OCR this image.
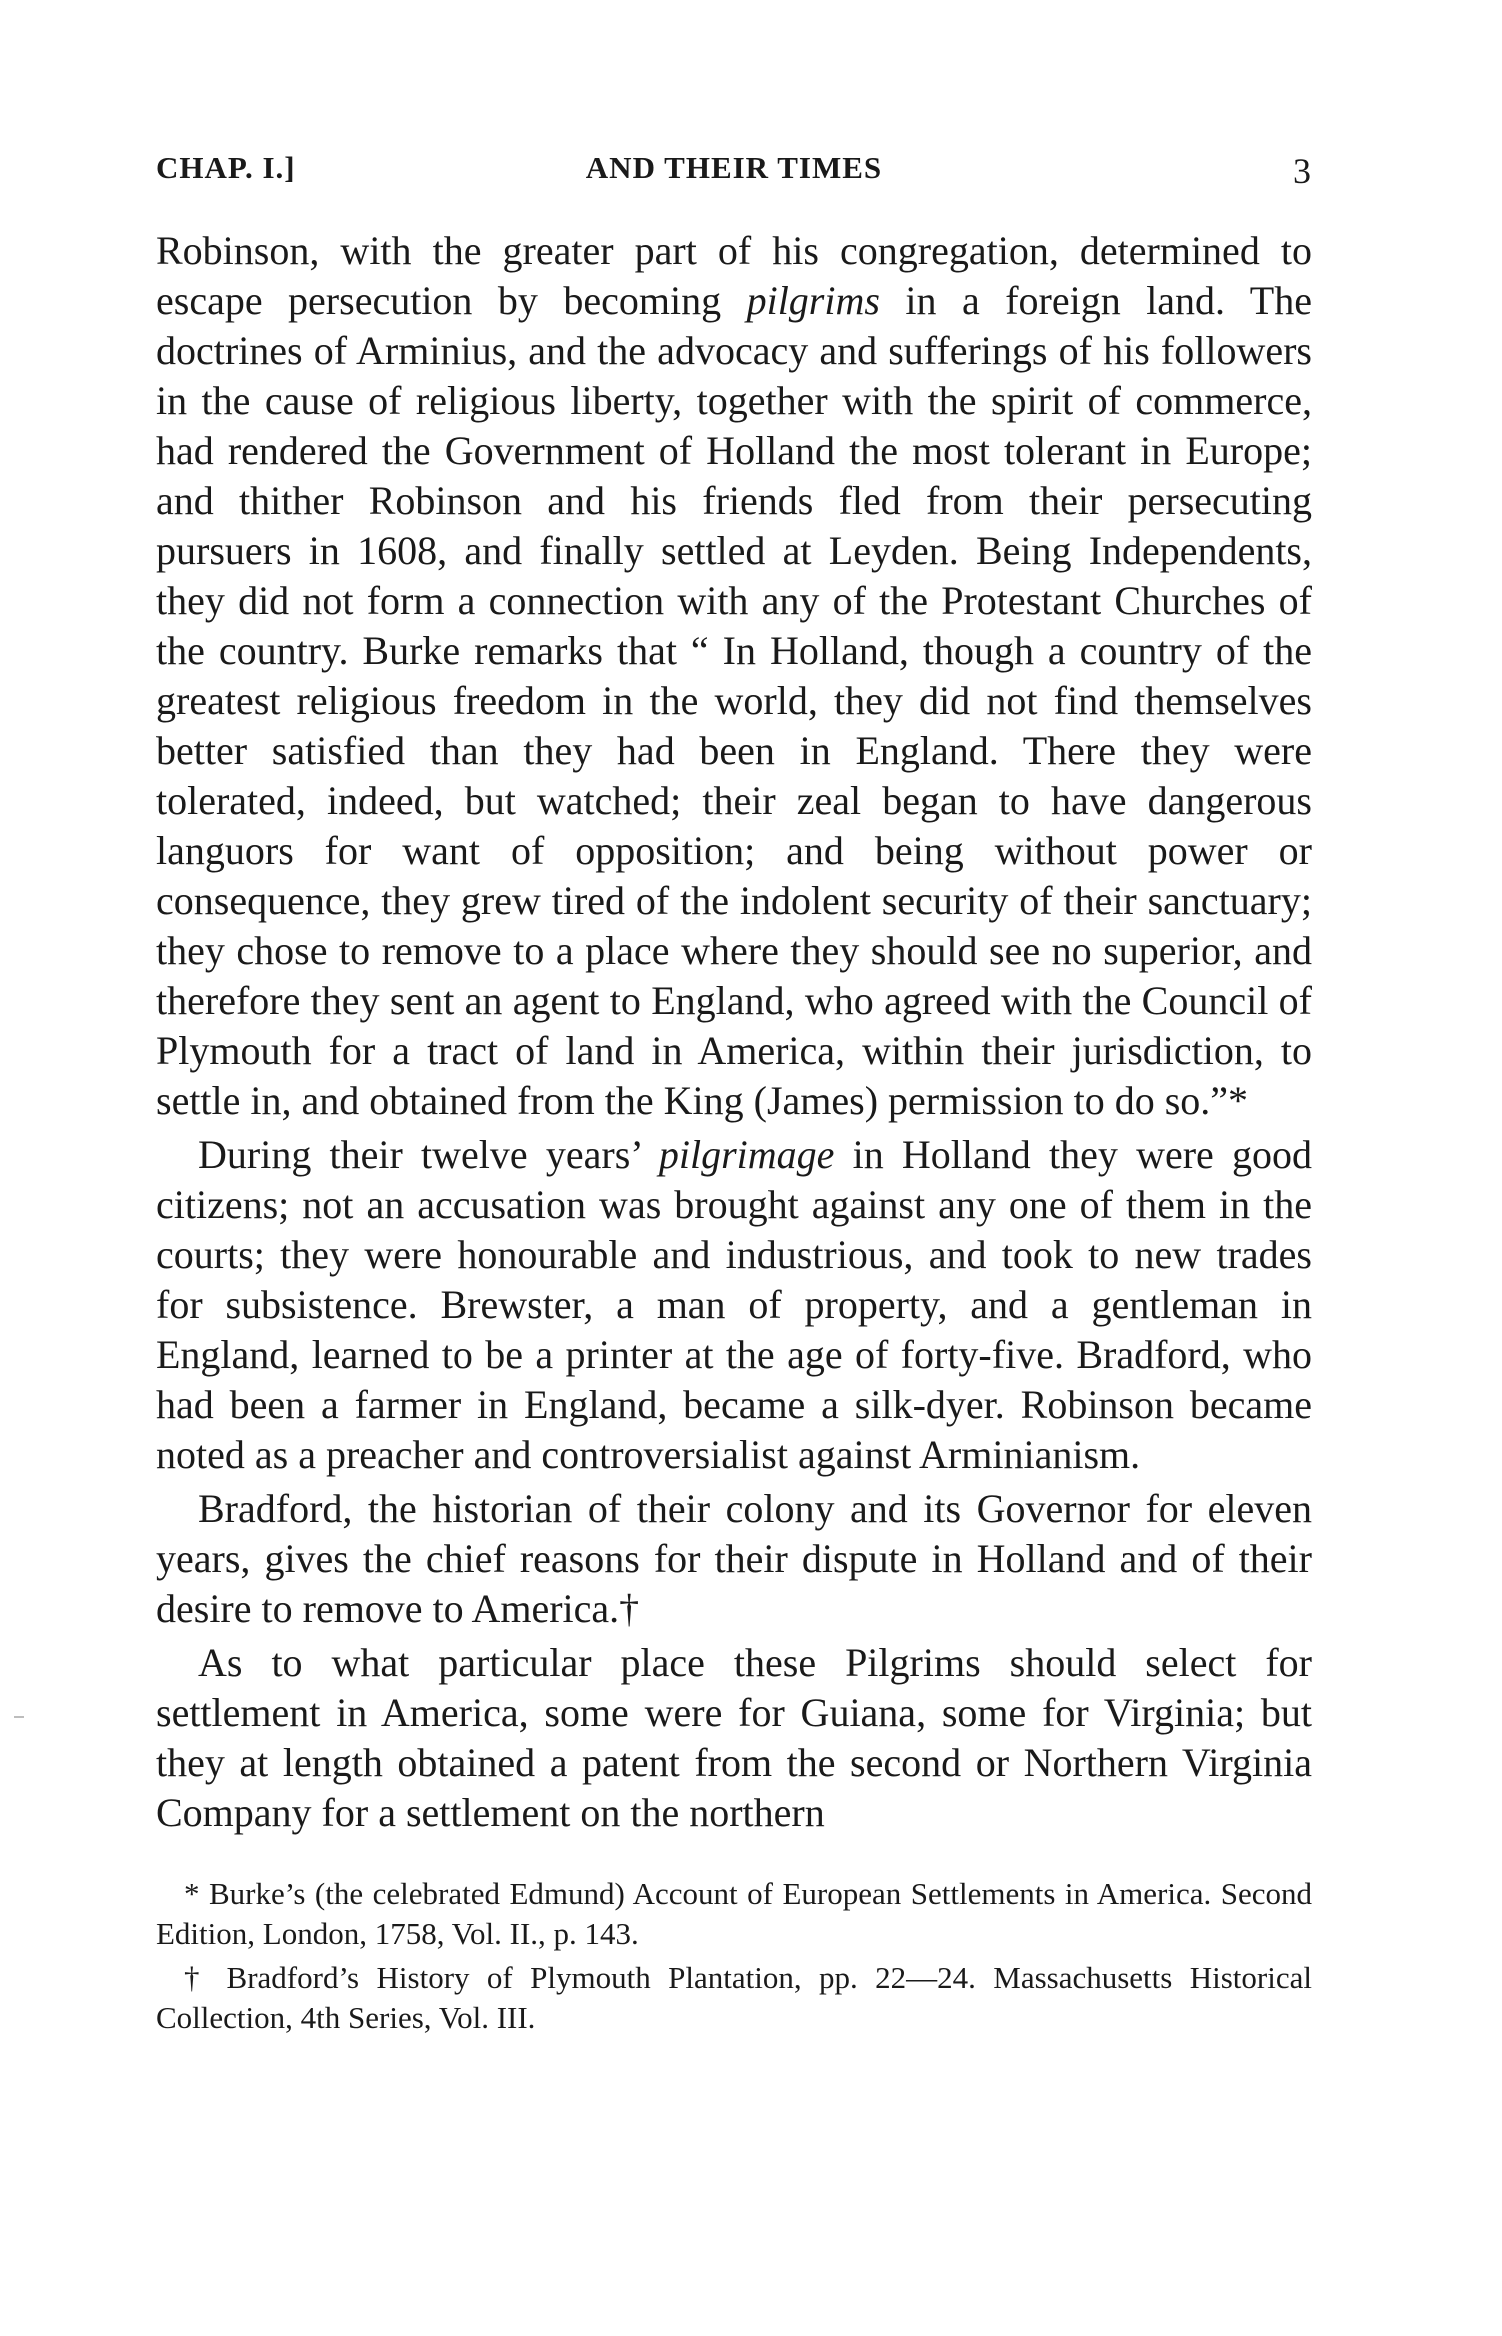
CHAP. I.]	AND THEIR TIMES	3

Robinson, with the greater part of his congregation, determined to escape persecution by becoming pilgrims in a foreign land. The doctrines of Arminius, and the advocacy and sufferings of his followers in the cause of religious liberty, together with the spirit of commerce, had rendered the Government of Holland the most tolerant in Europe; and thither Robinson and his friends fled from their persecuting pursuers in 1608, and finally settled at Leyden. Being Independents, they did not form a connection with any of the Protestant Churches of the country. Burke remarks that “ In Holland, though a country of the greatest religious freedom in the world, they did not find themselves better satisfied than they had been in England. There they were tolerated, indeed, but watched; their zeal began to have dangerous languors for want of opposition; and being without power or consequence, they grew tired of the indolent security of their sanctuary; they chose to remove to a place where they should see no superior, and therefore they sent an agent to England, who agreed with the Council of Plymouth for a tract of land in America, within their jurisdiction, to settle in, and obtained from the King (James) permission to do so.”*

During their twelve years’ pilgrimage in Holland they were good citizens; not an accusation was brought against any one of them in the courts; they were honourable and industrious, and took to new trades for subsistence. Brewster, a man of property, and a gentleman in England, learned to be a printer at the age of forty-five. Bradford, who had been a farmer in England, became a silk-dyer. Robinson became noted as a preacher and controversialist against Arminianism.

Bradford, the historian of their colony and its Governor for eleven years, gives the chief reasons for their dispute in Holland and of their desire to remove to America.†

As to what particular place these Pilgrims should select for settlement in America, some were for Guiana, some for Virginia; but they at length obtained a patent from the second or Northern Virginia Company for a settlement on the northern

* Burke’s (the celebrated Edmund) Account of European Settlements in America. Second Edition, London, 1758, Vol. II., p. 143.

† Bradford’s History of Plymouth Plantation, pp. 22—24. Massachusetts Historical Collection, 4th Series, Vol. III.
